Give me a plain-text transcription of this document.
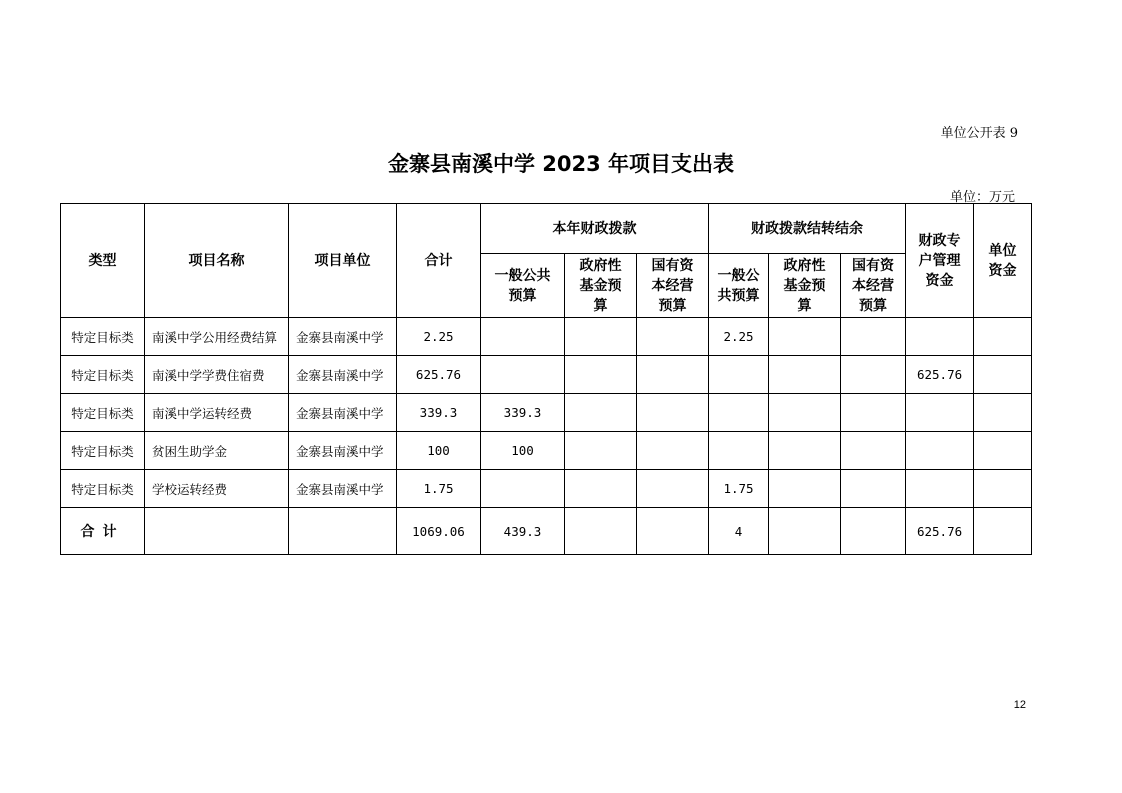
单位公开表 9
金寨县南溪中学 2023 年项目支出表
单位：万元
类型	项目名称	项目单位	合计	本年财政拨款			财政拨款结转结余			财政专户管理资金	单位资金
				一般公共预算	政府性基金预算	国有资本经营预算	一般公共预算	政府性基金预算	国有资本经营预算		
特定目标类	南溪中学公用经费结算	金寨县南溪中学	2.25				2.25				
特定目标类	南溪中学学费住宿费	金寨县南溪中学	625.76							625.76	
特定目标类	南溪中学运转经费	金寨县南溪中学	339.3	339.3							
特定目标类	贫困生助学金	金寨县南溪中学	100	100							
特定目标类	学校运转经费	金寨县南溪中学	1.75				1.75				
合计			1069.06	439.3			4			625.76	
12
